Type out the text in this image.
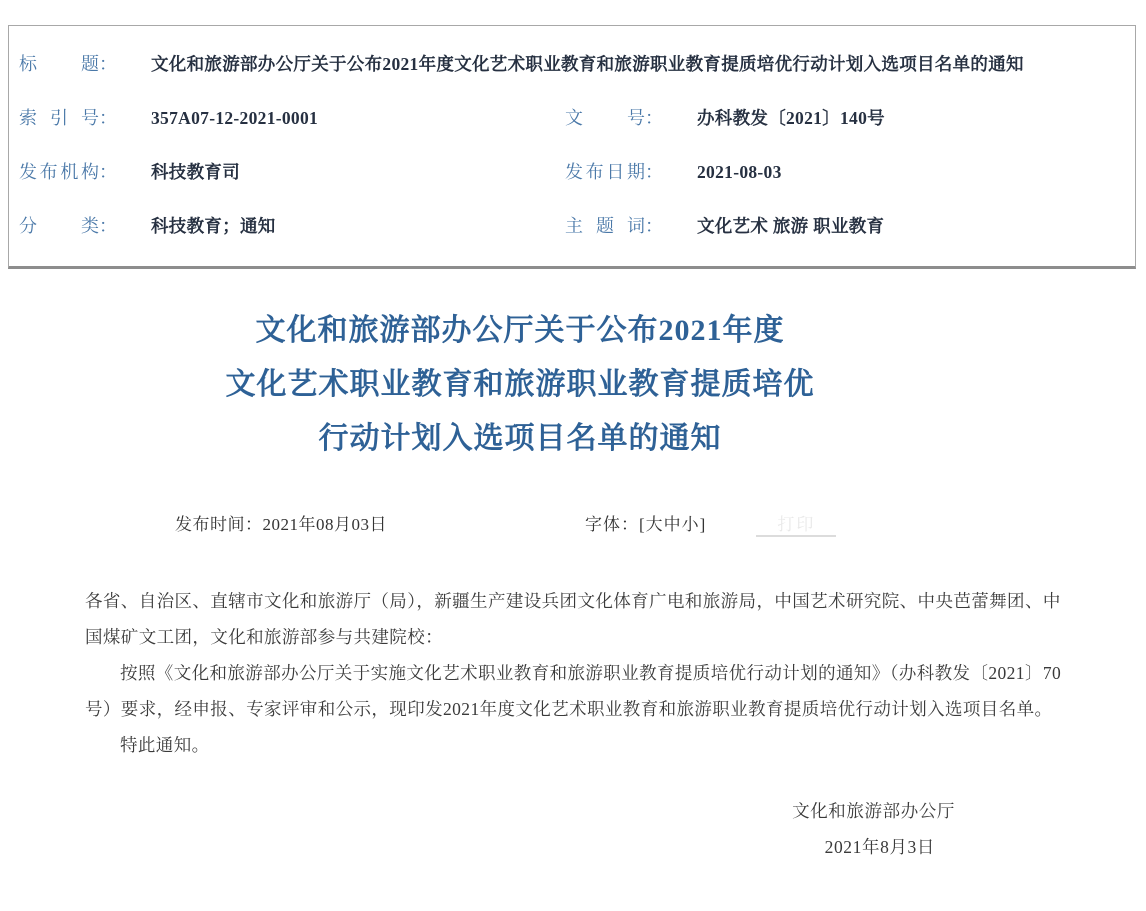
标题 ： 文化和旅游部办公厅关于公布2021年度文化艺术职业教育和旅游职业教育提质培优行动计划入选项目名单的通知
索引号 ： 357A07-12-2021-0001	文号 ： 办科教发〔2021〕140号
发布机构 ： 科技教育司	发布日期 ： 2021-08-03
分类 ： 科技教育；通知	主题词 ： 文化艺术 旅游 职业教育
文化和旅游部办公厅关于公布2021年度
文化艺术职业教育和旅游职业教育提质培优
行动计划入选项目名单的通知
发布时间：2021年08月03日	字体：[大中小]	打印

各省、自治区、直辖市文化和旅游厅（局），新疆生产建设兵团文化体育广电和旅游局，中国艺术研究院、中央芭蕾舞团、中国煤矿文工团，文化和旅游部参与共建院校：

按照《文化和旅游部办公厅关于实施文化艺术职业教育和旅游职业教育提质培优行动计划的通知》（办科教发〔2021〕70号）要求，经申报、专家评审和公示，现印发2021年度文化艺术职业教育和旅游职业教育提质培优行动计划入选项目名单。

特此通知。

文化和旅游部办公厅
2021年8月3日
